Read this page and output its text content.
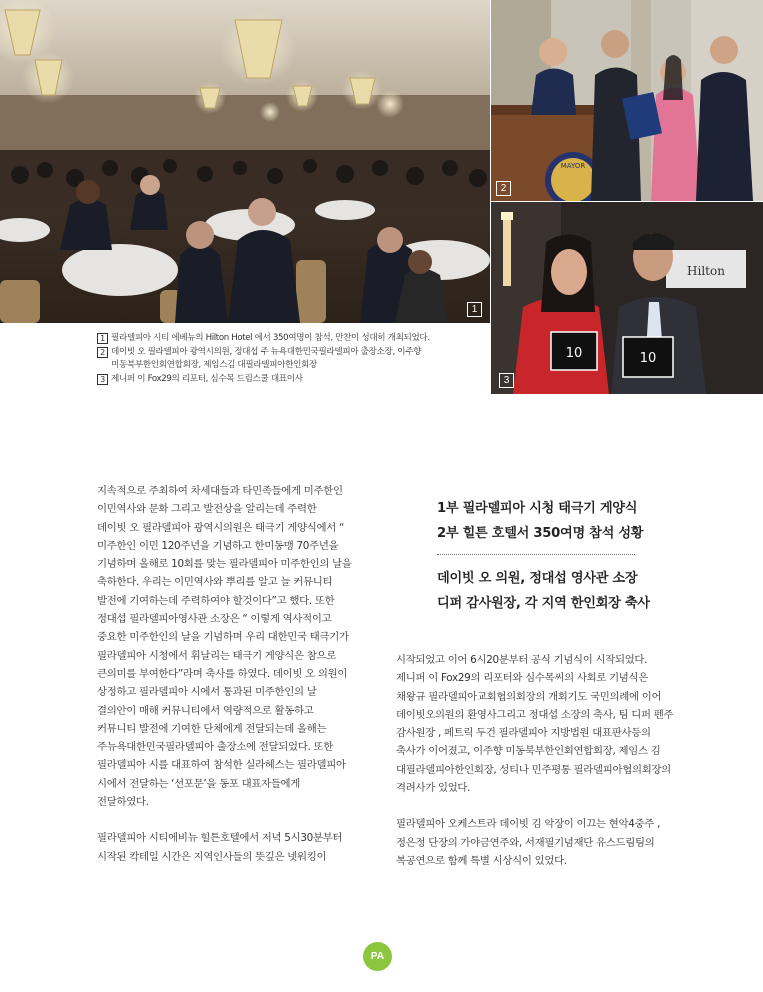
1
MAYOR
2
Hilton
10	10
3
1 필라델피아 시티 에베뉴의 Hilton Hotel 에서 350여명이 참석, 만찬이 성대히 개최되었다.
2 데이빗 오 필라델피아 광역시의원, 정대섭 주 뉴욕대한민국필라델피아 출장소장, 이주향
미동북부한인회연합회장, 제임스김 대필라델피아한인회장
3 제니퍼 이 Fox29의 리포터, 심수목 드림스쿨 대표이사

지속적으로 주최하여 차세대들과 타민족들에게 미주한인

이민역사와 문화 그리고 발전상을 알리는데 주력한

데이빗 오 필라델피아 광역시의원은 태극기 게양식에서 “

미주한인 이민 120주년을 기념하고 한미동맹 70주년을

기념하며 올해로 10회를 맞는 필라델피아 미주한인의 날을

축하한다. 우리는 이민역사와 뿌리를 알고 늘 커뮤니티

발전에 기여하는데 주력하여야 할것이다”고 했다. 또한

정대섭 필라델피아영사관 소장은 “ 이렇게 역사적이고

중요한 미주한인의 날을 기념하며 우리 대한민국 태극기가

필라델피아 시청에서 휘날리는 태극기 게양식은 참으로

큰의미를 부여한다”라며 축사를 하였다. 데이빗 오 의원이

상정하고 필라델피아 시에서 통과된 미주한인의 날

결의안이 매해 커뮤니티에서 역량적으로 활동하고

커뮤니티 발전에 기여한 단체에게 전달되는데 올해는

주뉴욕대한민국필라델피아 출장소에 전달되었다. 또한

필라델피아 시를 대표하여 참석한 실라헤스는 필라델피아

시에서 전달하는 ‘선포문’을 동포 대표자들에게

전달하였다.

필라델피아 시티에비뉴 힐튼호텔에서 저녁 5시30분부터

시작된 칵테일 시간은 지역인사들의 뜻깊은 넷워킹이

1부 필라델피아 시청 태극기 게양식
2부 힐튼 호텔서 350여명 참석 성황
데이빗 오 의원, 정대섭 영사관 소장
디퍼 감사원장, 각 지역 한인회장 축사

시작되었고 이어 6시20분부터 공식 기념식이 시작되었다.

제니퍼 이 Fox29의 리포터와 심수목씨의 사회로 기념식은

채왕규 필라델피아교회협의회장의 개회기도 국민의례에 이어

데이빗오의원의 환영사그리고 정대섭 소장의 축사, 팀 디퍼 펜주

감사원장 , 페트릭 두건 필라델피아 지방법원 대표판사등의

축사가 이어졌고, 이주향 미동북부한인회연합회장, 제임스 김

대필라델피아한인회장, 성티나 민주평통 필라델피아협의회장의

격려사가 있었다.

필라델피아 오케스트라 데이빗 김 악장이 이끄는 현악4중주 ,

정은정 단장의 가야금연주와, 서재필기념재단 유스드림팀의

복공연으로 함께 특별 시상식이 있었다.

PA
